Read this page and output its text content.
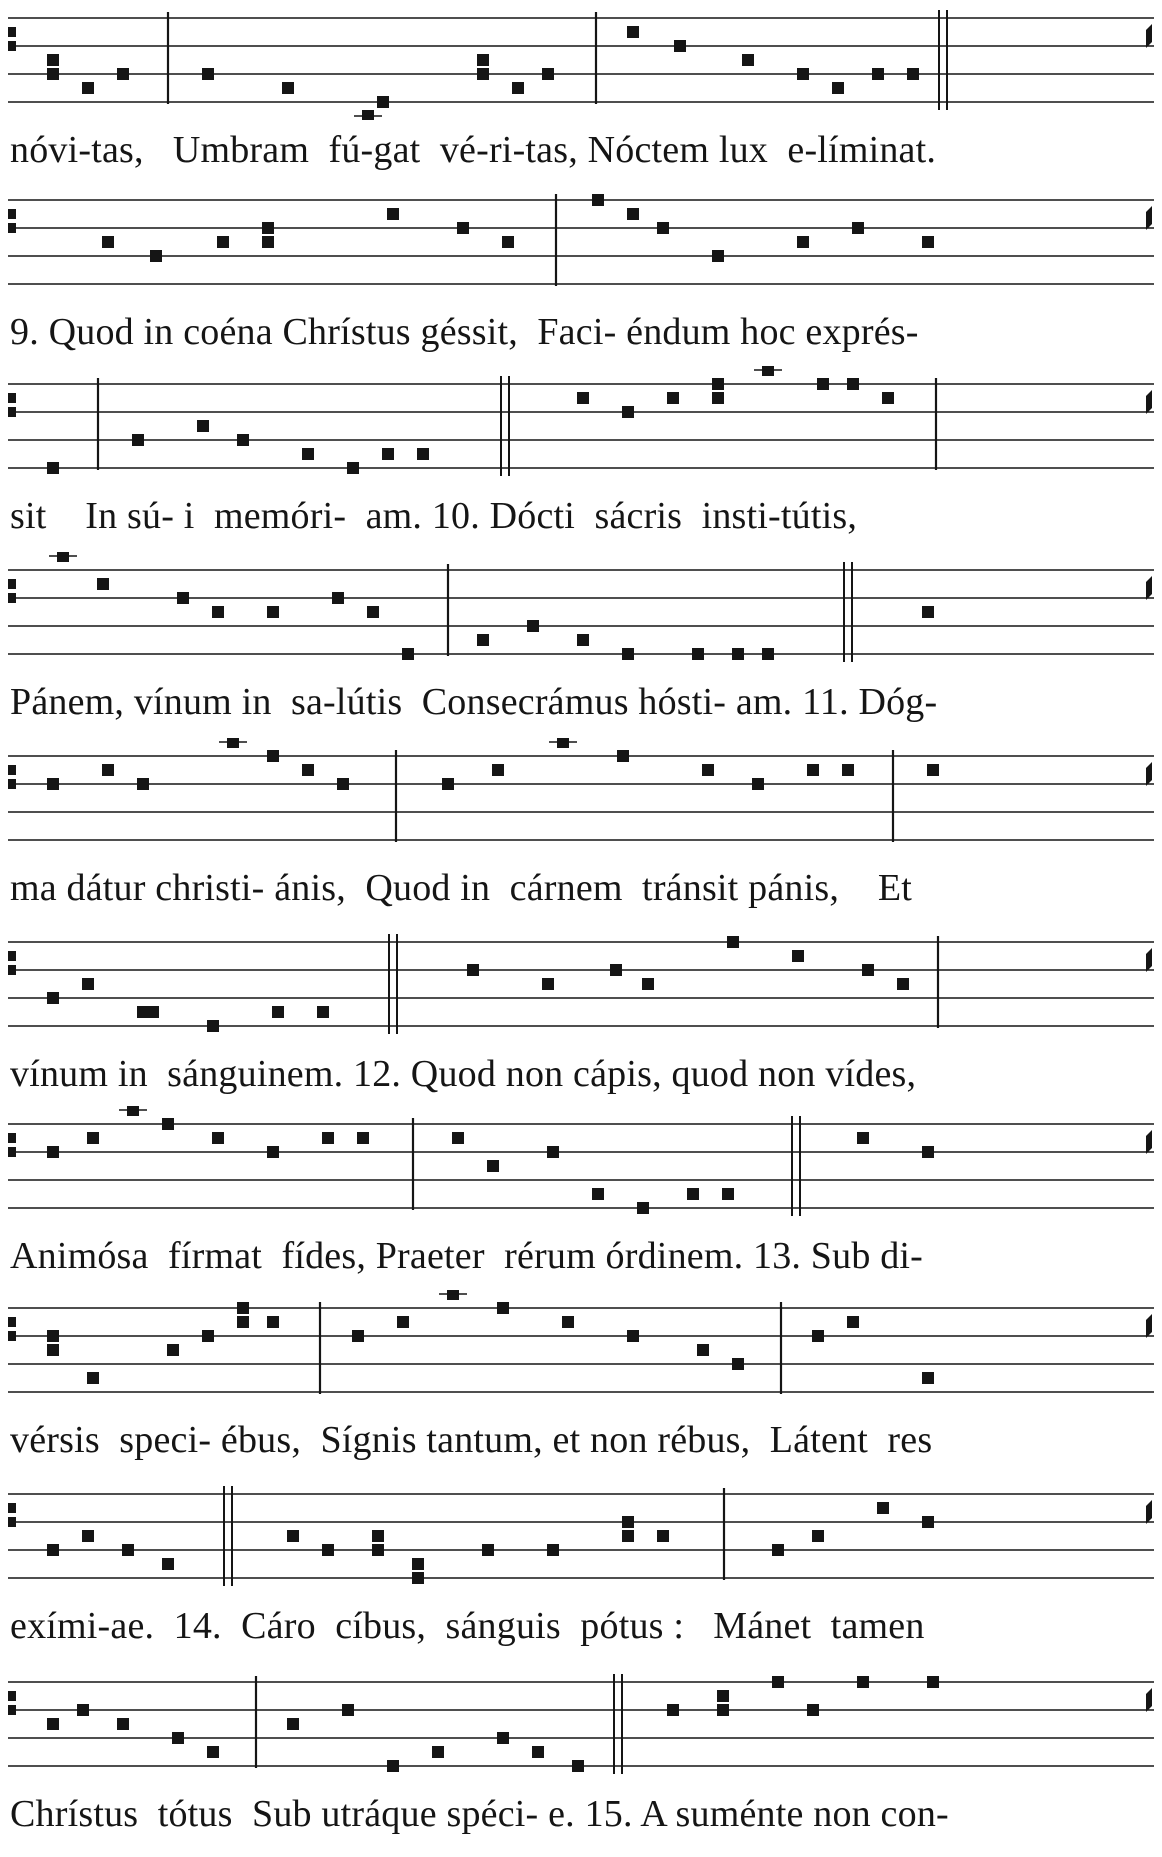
nóvi-tas,   Umbram  fú-gat  vé-ri-tas, Nóctem lux  e-líminat.
9. Quod in coéna Chrístus géssit,  Faci- éndum hoc exprés-
sit    In sú- i  memóri-  am. 10. Dócti  sácris  insti-tútis,
Pánem, vínum in  sa-lútis  Consecrámus hósti- am. 11. Dóg-
ma dátur christi- ánis,  Quod in  cárnem  tránsit pánis,    Et
vínum in  sánguinem. 12. Quod non cápis, quod non vídes,
Animósa  fírmat  fídes, Praeter  rérum órdinem. 13. Sub di-
vérsis  speci- ébus,  Sígnis tantum, et non rébus,  Látent  res
exími-ae.  14.  Cáro  cíbus,  sánguis  pótus :   Mánet  tamen
Chrístus  tótus  Sub utráque spéci- e. 15. A suménte non con-
